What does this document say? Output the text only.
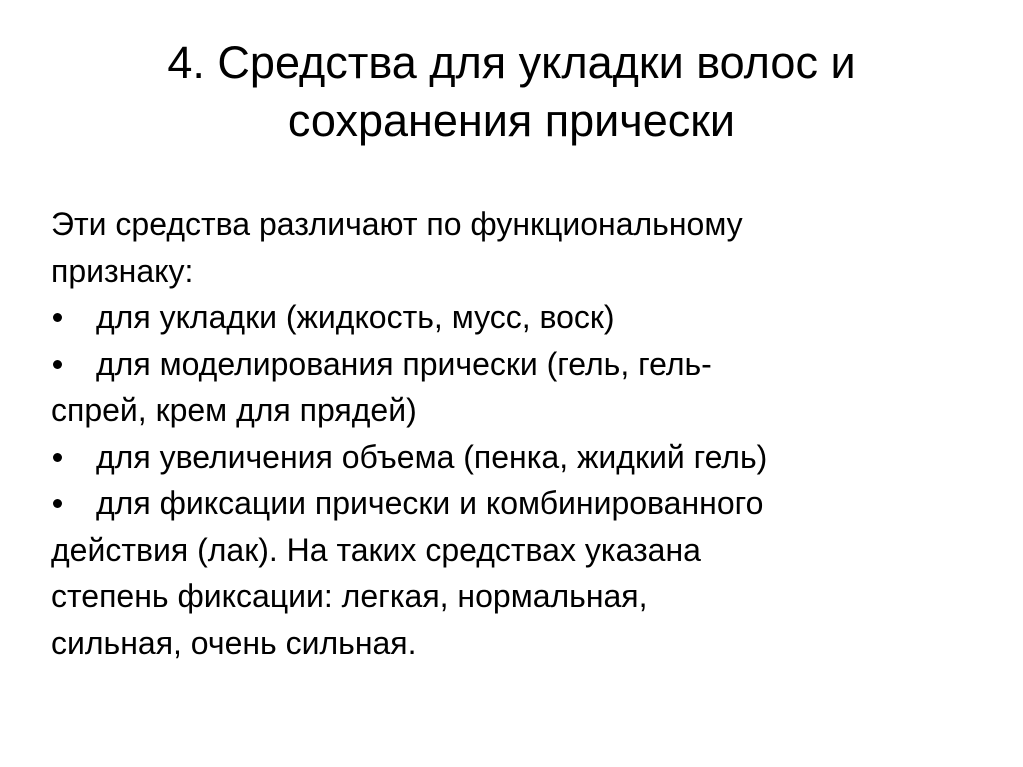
4. Средства для укладки волос и
сохранения прически
Эти средства различают по функциональному
признаку:
для укладки (жидкость, мусс, воск)
для моделирования прически (гель, гель-
спрей, крем для прядей)
для увеличения объема (пенка, жидкий гель)
для фиксации прически и комбинированного
действия (лак). На таких средствах указана
степень фиксации: легкая, нормальная,
сильная, очень сильная.
